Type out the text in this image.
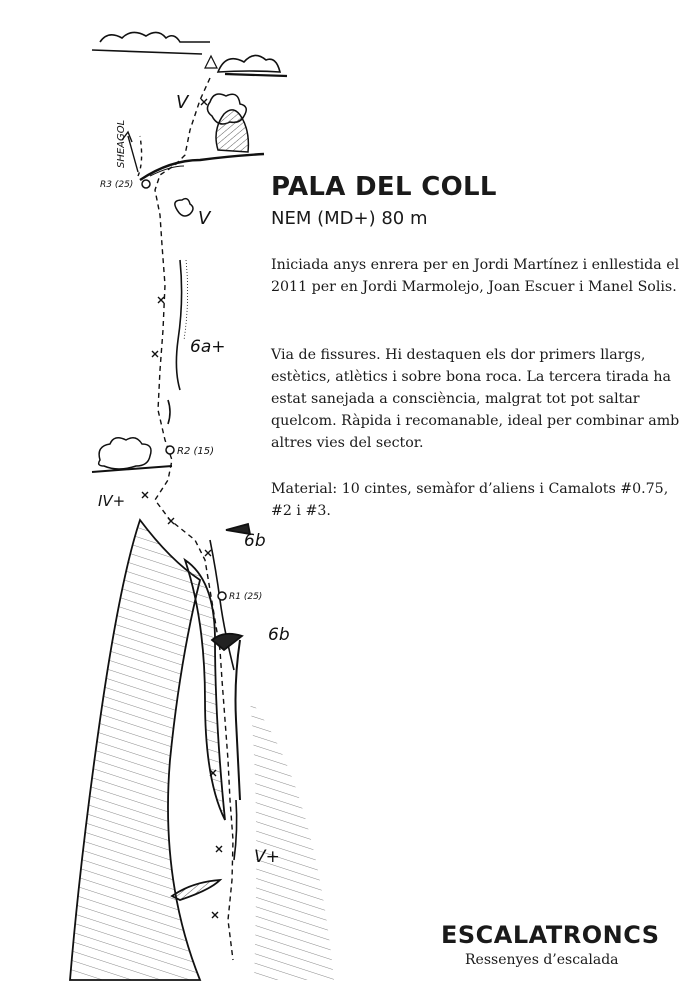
SHEAGOL
V
V
6a+
IV+
6b
6b
V+
R3 (25)
R2 (15)
R1 (25)
PALA DEL COLL

NEM (MD+) 80 m

Iniciada anys enrera per en Jordi Martínez i enllestida el 2011 per en Jordi Marmolejo, Joan Escuer i Manel Solis.

Via de fissures. Hi destaquen els dor primers llargs, estètics, atlètics i sobre bona roca. La tercera tirada ha estat sanejada a consciència, malgrat tot pot saltar quelcom. Ràpida i recomanable, ideal per combinar amb altres vies del sector.

Material: 10 cintes, semàfor d’aliens i Camalots #0.75, #2 i #3.

ESCALATRONCS
Ressenyes d’escalada
